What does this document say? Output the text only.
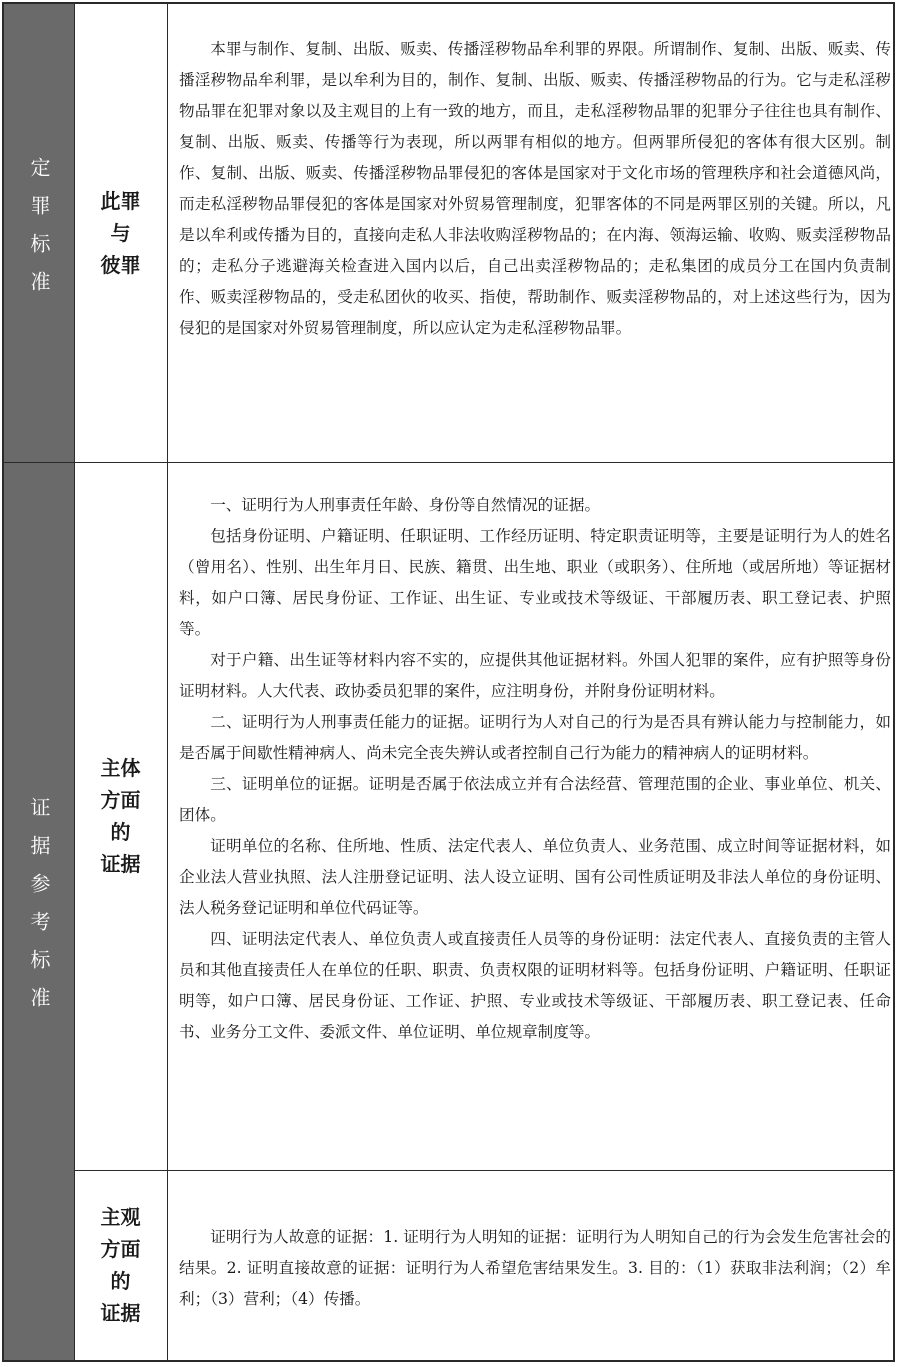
定罪标准
证据参考标准
此罪
与
彼罪

本罪与制作、复制、出版、贩卖、传播淫秽物品牟利罪的界限。所谓制作、复制、出版、贩卖、传播淫秽物品牟利罪，是以牟利为目的，制作、复制、出版、贩卖、传播淫秽物品的行为。它与走私淫秽物品罪在犯罪对象以及主观目的上有一致的地方，而且，走私淫秽物品罪的犯罪分子往往也具有制作、复制、出版、贩卖、传播等行为表现，所以两罪有相似的地方。但两罪所侵犯的客体有很大区别。制作、复制、出版、贩卖、传播淫秽物品罪侵犯的客体是国家对于文化市场的管理秩序和社会道德风尚，而走私淫秽物品罪侵犯的客体是国家对外贸易管理制度，犯罪客体的不同是两罪区别的关键。所以，凡是以牟利或传播为目的，直接向走私人非法收购淫秽物品的；在内海、领海运输、收购、贩卖淫秽物品的；走私分子逃避海关检查进入国内以后，自己出卖淫秽物品的；走私集团的成员分工在国内负责制作、贩卖淫秽物品的，受走私团伙的收买、指使，帮助制作、贩卖淫秽物品的，对上述这些行为，因为侵犯的是国家对外贸易管理制度，所以应认定为走私淫秽物品罪。

主体
方面
的
证据

一、证明行为人刑事责任年龄、身份等自然情况的证据。

包括身份证明、户籍证明、任职证明、工作经历证明、特定职责证明等，主要是证明行为人的姓名（曾用名）、性别、出生年月日、民族、籍贯、出生地、职业（或职务）、住所地（或居所地）等证据材料，如户口簿、居民身份证、工作证、出生证、专业或技术等级证、干部履历表、职工登记表、护照等。

对于户籍、出生证等材料内容不实的，应提供其他证据材料。外国人犯罪的案件，应有护照等身份证明材料。人大代表、政协委员犯罪的案件，应注明身份，并附身份证明材料。

二、证明行为人刑事责任能力的证据。证明行为人对自己的行为是否具有辨认能力与控制能力，如是否属于间歇性精神病人、尚未完全丧失辨认或者控制自己行为能力的精神病人的证明材料。

三、证明单位的证据。证明是否属于依法成立并有合法经营、管理范围的企业、事业单位、机关、团体。

证明单位的名称、住所地、性质、法定代表人、单位负责人、业务范围、成立时间等证据材料，如企业法人营业执照、法人注册登记证明、法人设立证明、国有公司性质证明及非法人单位的身份证明、法人税务登记证明和单位代码证等。

四、证明法定代表人、单位负责人或直接责任人员等的身份证明：法定代表人、直接负责的主管人员和其他直接责任人在单位的任职、职责、负责权限的证明材料等。包括身份证明、户籍证明、任职证明等，如户口簿、居民身份证、工作证、护照、专业或技术等级证、干部履历表、职工登记表、任命书、业务分工文件、委派文件、单位证明、单位规章制度等。

主观
方面
的
证据

证明行为人故意的证据：1. 证明行为人明知的证据：证明行为人明知自己的行为会发生危害社会的结果。2. 证明直接故意的证据：证明行为人希望危害结果发生。3. 目的：（1）获取非法利润；（2）牟利；（3）营利；（4）传播。
